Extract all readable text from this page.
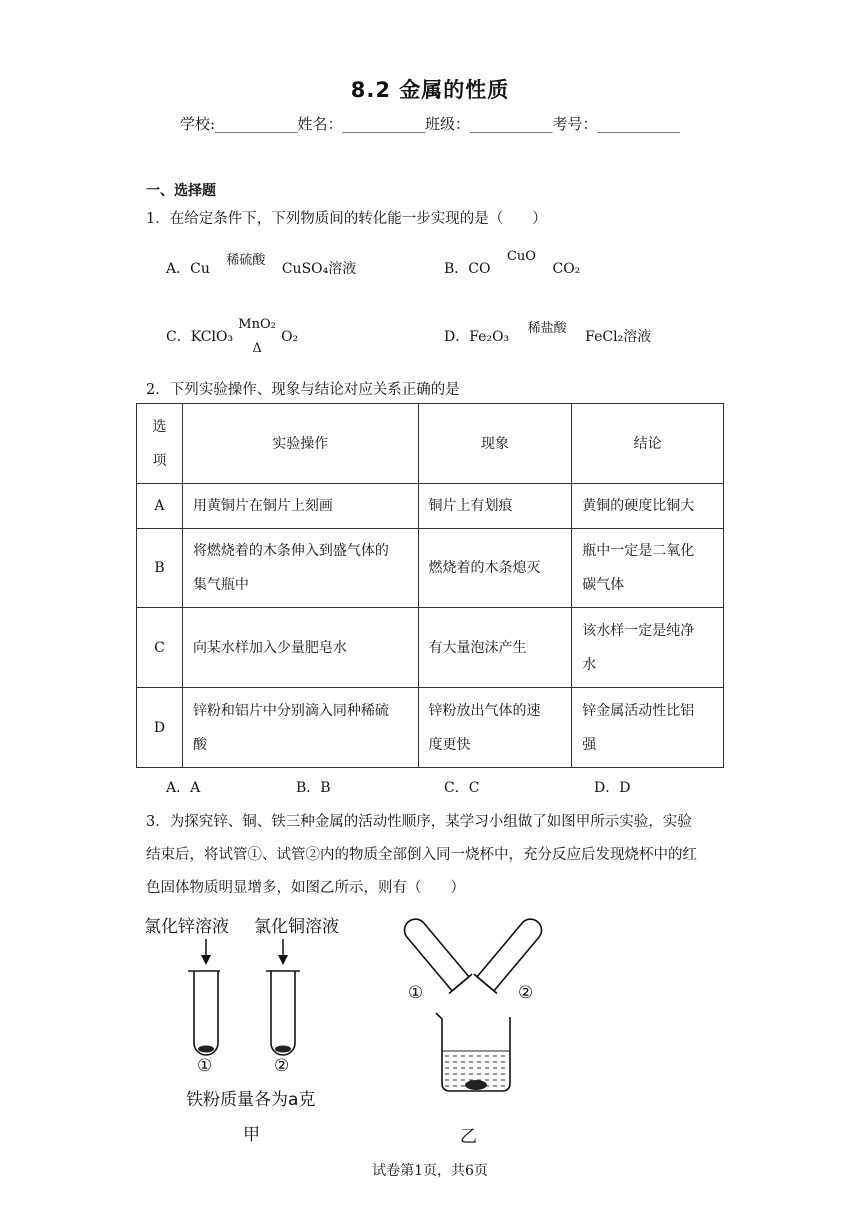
8.2 金属的性质
学校:___________姓名：___________班级：___________考号：___________
一、选择题
1．在给定条件下，下列物质间的转化能一步实现的是（　　）
A．Cu
稀硫酸
CuSO₄溶液	B．CO
CuO
CO₂
C．KClO₃
MnO₂
Δ
O₂	D．Fe₂O₃
稀盐酸
FeCl₂溶液
2．下列实验操作、现象与结论对应关系正确的是
选
项	实验操作	现象	结论
A	用黄铜片在铜片上刻画	铜片上有划痕	黄铜的硬度比铜大
B	将燃烧着的木条伸入到盛气体的
集气瓶中	燃烧着的木条熄灭	瓶中一定是二氧化
碳气体
C	向某水样加入少量肥皂水	有大量泡沫产生	该水样一定是纯净
水
D	锌粉和铝片中分别滴入同种稀硫
酸	锌粉放出气体的速
度更快	锌金属活动性比铝
强
A．A	B．B	C．C	D．D
3．为探究锌、铜、铁三种金属的活动性顺序，某学习小组做了如图甲所示实验，实验
结束后，将试管①、试管②内的物质全部倒入同一烧杯中，充分反应后发现烧杯中的红
色固体物质明显增多，如图乙所示，则有（　　）
氯化锌溶液 氯化铜溶液
①	②
铁粉质量各为a克
甲
①	②
乙
试卷第1页，共6页
